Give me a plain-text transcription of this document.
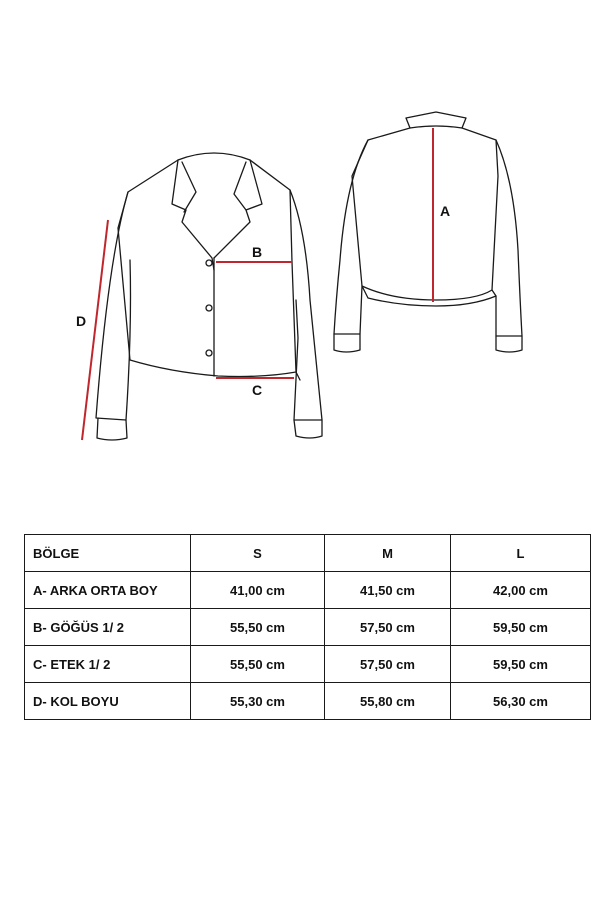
A
B
C
D
BÖLGE	S	M	L
A- ARKA ORTA BOY	41,00 cm	41,50 cm	42,00 cm
B- GÖĞÜS 1/ 2	55,50 cm	57,50 cm	59,50 cm
C- ETEK 1/ 2	55,50 cm	57,50 cm	59,50 cm
D- KOL BOYU	55,30 cm	55,80 cm	56,30 cm
